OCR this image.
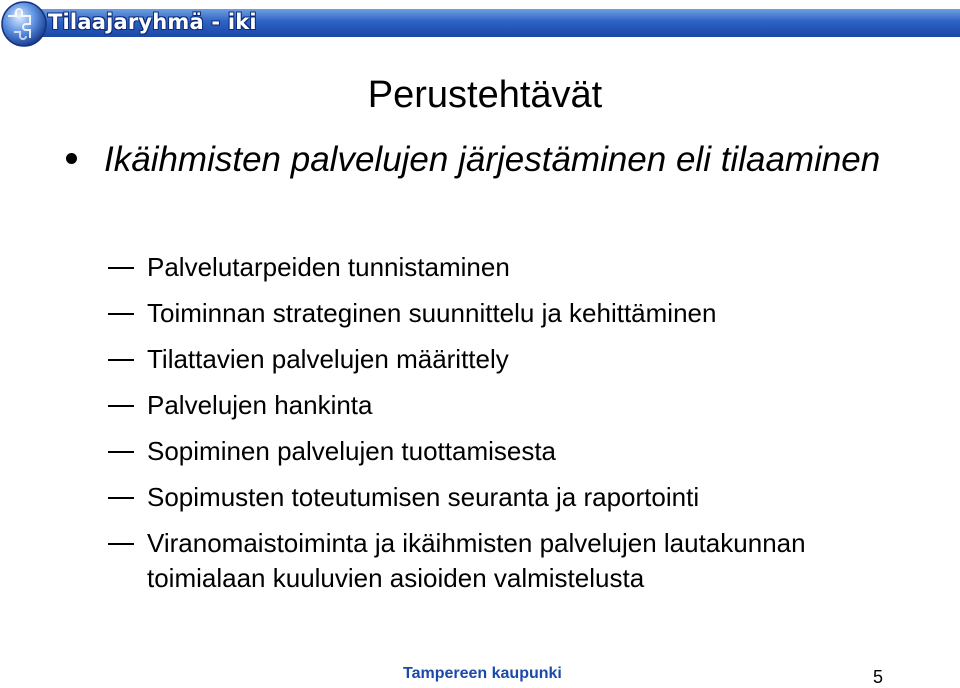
Tilaajaryhmä - iki
Perustehtävät
Ikäihmisten palvelujen järjestäminen eli tilaaminen
Palvelutarpeiden tunnistaminen
Toiminnan strateginen suunnittelu ja kehittäminen
Tilattavien palvelujen määrittely
Palvelujen hankinta
Sopiminen palvelujen tuottamisesta
Sopimusten toteutumisen seuranta ja raportointi
Viranomaistoiminta ja ikäihmisten palvelujen lautakunnan toimialaan kuuluvien asioiden valmistelusta
Tampereen kaupunki	5
